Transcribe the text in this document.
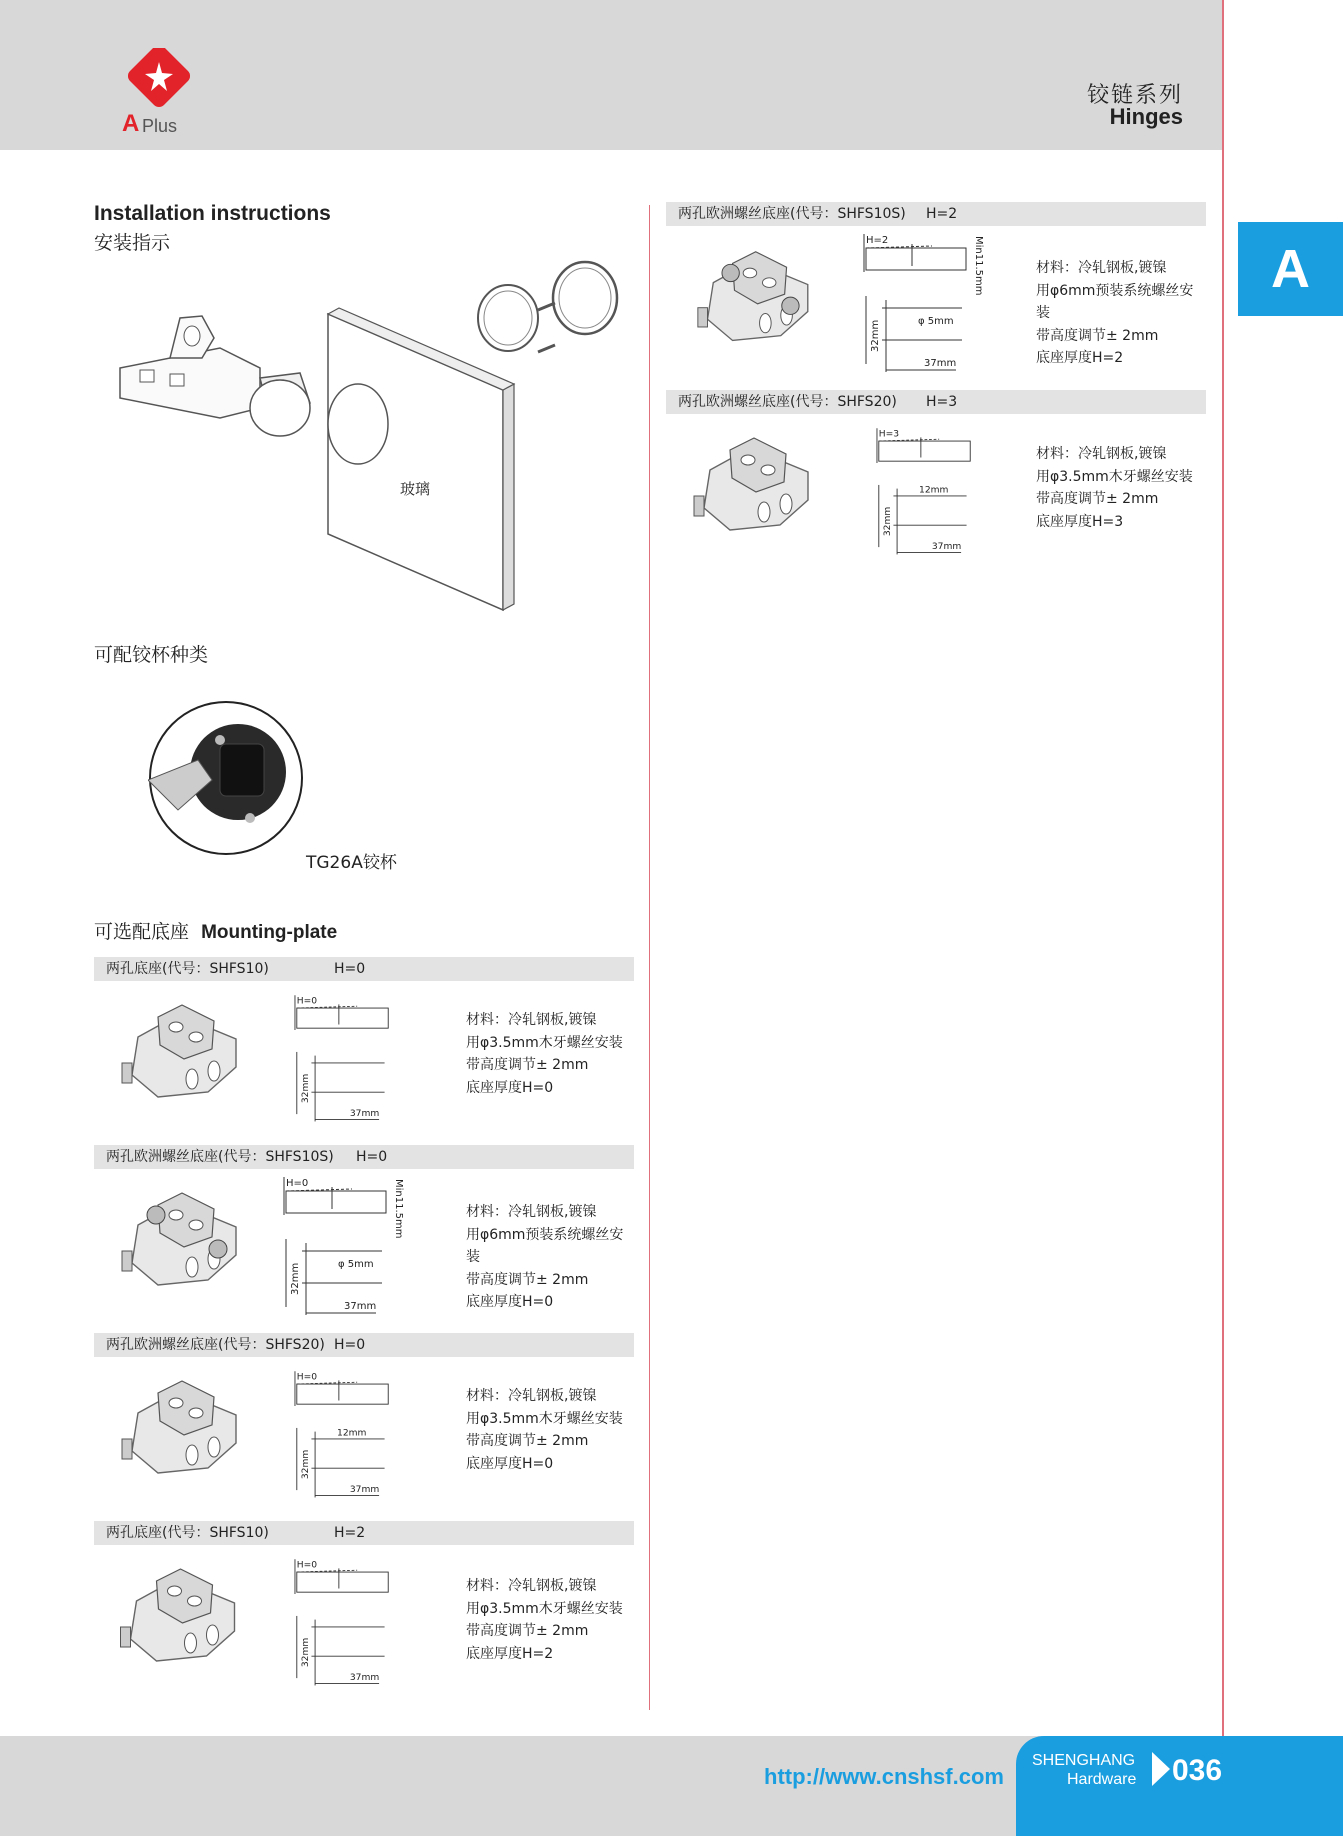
A Plus
铰链系列
Hinges
A
Installation instructions
安装指示
玻璃
可配铰杯种类
TG26A铰杯
可选配底座 Mounting-plate
两孔底座(代号：SHFS10)	H=0
H=0
32mm
37mm
材料：冷轧钢板,镀镍
用φ3.5mm木牙螺丝安装
带高度调节± 2mm
底座厚度H=0
两孔欧洲螺丝底座(代号：SHFS10S) H=0
H=0
32mm
37mm
φ 5mm
Min11.5mm	材料：冷轧钢板,镀镍
用φ6mm预装系统螺丝安装
带高度调节± 2mm
底座厚度H=0
两孔欧洲螺丝底座(代号：SHFS20) H=0
H=0
32mm
37mm
12mm
材料：冷轧钢板,镀镍
用φ3.5mm木牙螺丝安装
带高度调节± 2mm
底座厚度H=0
两孔底座(代号：SHFS10)	H=2
H=0
32mm
37mm
材料：冷轧钢板,镀镍
用φ3.5mm木牙螺丝安装
带高度调节± 2mm
底座厚度H=2
两孔欧洲螺丝底座(代号：SHFS10S) H=2
H=2
32mm
37mm
φ 5mm
Min11.5mm	材料：冷轧钢板,镀镍
用φ6mm预装系统螺丝安装
带高度调节± 2mm
底座厚度H=2
两孔欧洲螺丝底座(代号：SHFS20) H=3
H=3
32mm
37mm
12mm
材料：冷轧钢板,镀镍
用φ3.5mm木牙螺丝安装
带高度调节± 2mm
底座厚度H=3
http://www.cnshsf.com
SHENGHANG
Hardware 036
